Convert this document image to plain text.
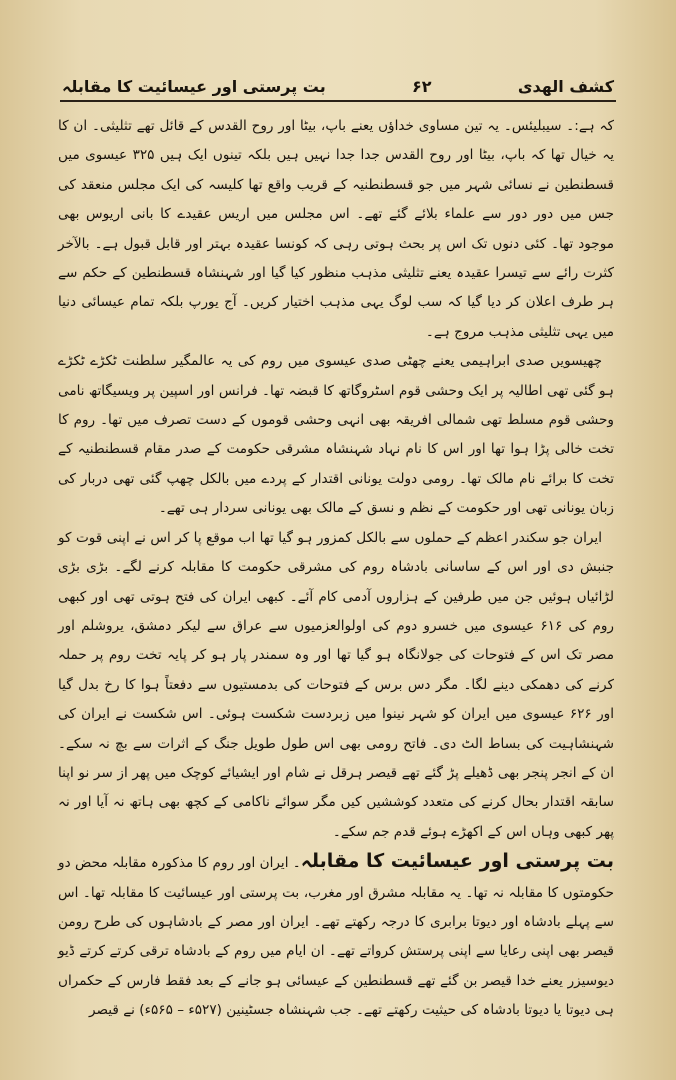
بت پرستی اور عیسائیت کا مقابلہ	۶۲	کشف الھدی

کہ ہے:۔ سیبلیئس۔ یہ تین مساوی خداؤں یعنے باپ، بیٹا اور روح القدس کے قائل تھے تثلیثی۔ ان کا یہ خیال تھا کہ باپ، بیٹا اور روح القدس جدا جدا نہیں ہیں بلکہ تینوں ایک ہیں ۳۲۵ عیسوی میں قسطنطین نے نسائی شہر میں جو قسطنطنیہ کے قریب واقع تھا کلیسہ کی ایک مجلس منعقد کی جس میں دور دور سے علماء بلائے گئے تھے۔ اس مجلس میں اریس عقیدے کا بانی اریوس بھی موجود تھا۔ کئی دنوں تک اس پر بحث ہوتی رہی کہ کونسا عقیدہ بہتر اور قابل قبول ہے۔ بالآخر کثرت رائے سے تیسرا عقیدہ یعنے تثلیثی مذہب منظور کیا گیا اور شہنشاہ قسطنطین کے حکم سے ہر طرف اعلان کر دیا گیا کہ سب لوگ یہی مذہب اختیار کریں۔ آج یورپ بلکہ تمام عیسائی دنیا میں یہی تثلیثی مذہب مروج ہے۔

چھیسویں صدی ابراہیمی یعنے چھٹی صدی عیسوی میں روم کی یہ عالمگیر سلطنت ٹکڑے ٹکڑے ہو گئی تھی اطالیہ پر ایک وحشی قوم اسٹروگاتھ کا قبضہ تھا۔ فرانس اور اسپین پر ویسیگاتھ نامی وحشی قوم مسلط تھی شمالی افریقہ بھی انہی وحشی قوموں کے دست تصرف میں تھا۔ روم کا تخت خالی پڑا ہوا تھا اور اس کا نام نہاد شہنشاہ مشرقی حکومت کے صدر مقام قسطنطنیہ کے تخت کا برائے نام مالک تھا۔ رومی دولت یونانی اقتدار کے پردے میں بالکل چھپ گئی تھی دربار کی زبان یونانی تھی اور حکومت کے نظم و نسق کے مالک بھی یونانی سردار ہی تھے۔

ایران جو سکندر اعظم کے حملوں سے بالکل کمزور ہو گیا تھا اب موقع پا کر اس نے اپنی قوت کو جنبش دی اور اس کے ساسانی بادشاہ روم کی مشرقی حکومت کا مقابلہ کرنے لگے۔ بڑی بڑی لڑائیاں ہوئیں جن میں طرفین کے ہزاروں آدمی کام آئے۔ کبھی ایران کی فتح ہوتی تھی اور کبھی روم کی ۶۱۶ عیسوی میں خسرو دوم کی اولوالعزمیوں سے عراق سے لیکر دمشق، یروشلم اور مصر تک اس کے فتوحات کی جولانگاہ ہو گیا تھا اور وہ سمندر پار ہو کر پایہ تخت روم پر حملہ کرنے کی دھمکی دینے لگا۔ مگر دس برس کے فتوحات کی بدمستیوں سے دفعتاً ہوا کا رخ بدل گیا اور ۶۲۶ عیسوی میں ایران کو شہر نینوا میں زبردست شکست ہوئی۔ اس شکست نے ایران کی شہنشاہیت کی بساط الٹ دی۔ فاتح رومی بھی اس طول طویل جنگ کے اثرات سے بچ نہ سکے۔ ان کے انجر پنجر بھی ڈھیلے پڑ گئے تھے قیصر ہرقل نے شام اور ایشیائے کوچک میں پھر از سر نو اپنا سابقہ اقتدار بحال کرنے کی متعدد کوششیں کیں مگر سوائے ناکامی کے کچھ بھی ہاتھ نہ آیا اور نہ پھر کبھی وہاں اس کے اکھڑے ہوئے قدم جم سکے۔

بت پرستی اور عیسائیت کا مقابلہ۔ ایران اور روم کا مذکورہ مقابلہ محض دو حکومتوں کا مقابلہ نہ تھا۔ یہ مقابلہ مشرق اور مغرب، بت پرستی اور عیسائیت کا مقابلہ تھا۔ اس سے پہلے بادشاہ اور دیوتا برابری کا درجہ رکھتے تھے۔ ایران اور مصر کے بادشاہوں کی طرح رومن قیصر بھی اپنی رعایا سے اپنی پرستش کرواتے تھے۔ ان ایام میں روم کے بادشاہ ترقی کرتے کرتے ڈیو دیوسیزر یعنے خدا قیصر بن گئے تھے قسطنطین کے عیسائی ہو جانے کے بعد فقط فارس کے حکمراں ہی دیوتا یا دیوتا بادشاہ کی حیثیت رکھتے تھے۔ جب شہنشاہ جسٹینین (۵۲۷ء – ۵۶۵ء) نے قیصر
